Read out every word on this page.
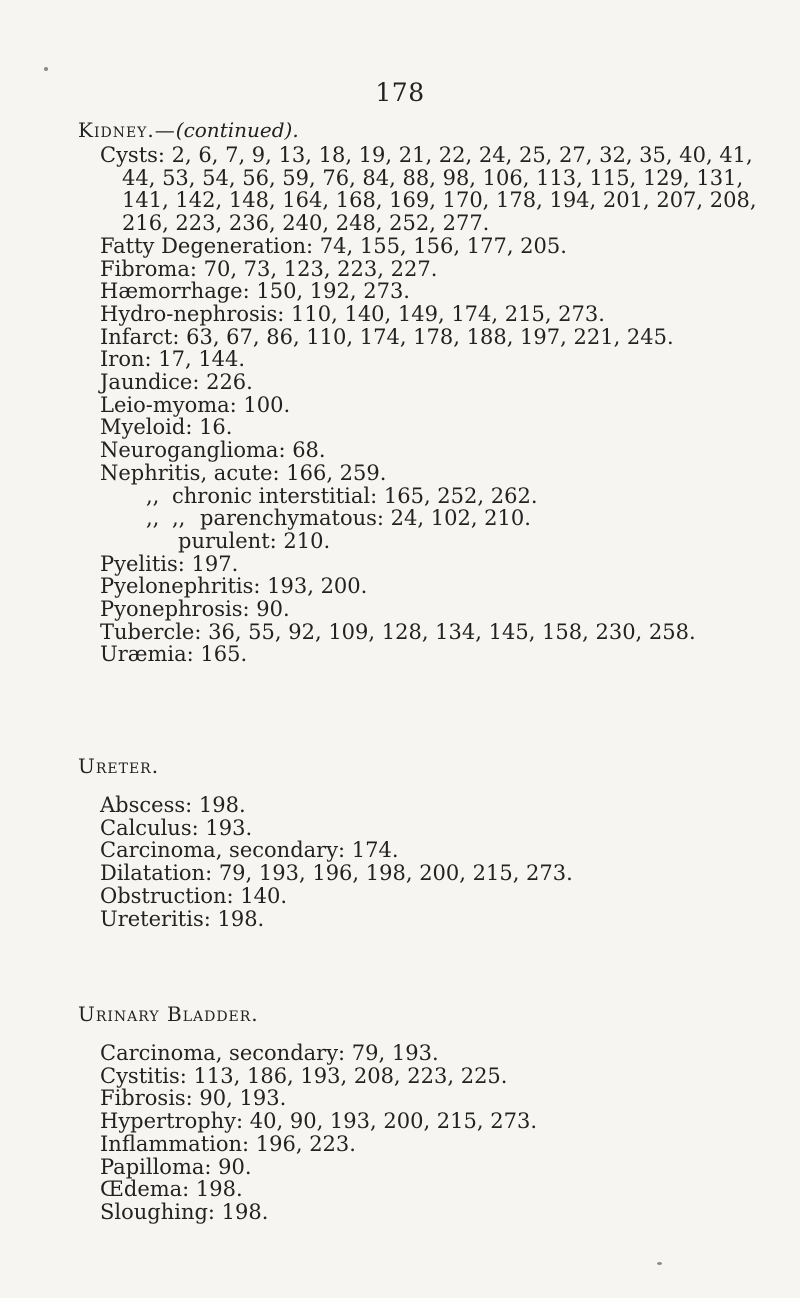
178
Kidney.—(continued).
Cysts: 2, 6, 7, 9, 13, 18, 19, 21, 22, 24, 25, 27, 32, 35, 40, 41, 44, 53, 54, 56, 59, 76, 84, 88, 98, 106, 113, 115, 129, 131, 141, 142, 148, 164, 168, 169, 170, 178, 194, 201, 207, 208, 216, 223, 236, 240, 248, 252, 277.
Fatty Degeneration: 74, 155, 156, 177, 205.
Fibroma: 70, 73, 123, 223, 227.
Hæmorrhage: 150, 192, 273.
Hydro-nephrosis: 110, 140, 149, 174, 215, 273.
Infarct: 63, 67, 86, 110, 174, 178, 188, 197, 221, 245.
Iron: 17, 144.
Jaundice: 226.
Leio-myoma: 100.
Myeloid: 16.
Neuroganglioma: 68.
Nephritis, acute: 166, 259.
,, chronic interstitial: 165, 252, 262.
,, ,, parenchymatous: 24, 102, 210.
purulent: 210.
Pyelitis: 197.
Pyelonephritis: 193, 200.
Pyonephrosis: 90.
Tubercle: 36, 55, 92, 109, 128, 134, 145, 158, 230, 258.
Uræmia: 165.
Ureter.
Abscess: 198.
Calculus: 193.
Carcinoma, secondary: 174.
Dilatation: 79, 193, 196, 198, 200, 215, 273.
Obstruction: 140.
Ureteritis: 198.
Urinary Bladder.
Carcinoma, secondary: 79, 193.
Cystitis: 113, 186, 193, 208, 223, 225.
Fibrosis: 90, 193.
Hypertrophy: 40, 90, 193, 200, 215, 273.
Inflammation: 196, 223.
Papilloma: 90.
Œdema: 198.
Sloughing: 198.
